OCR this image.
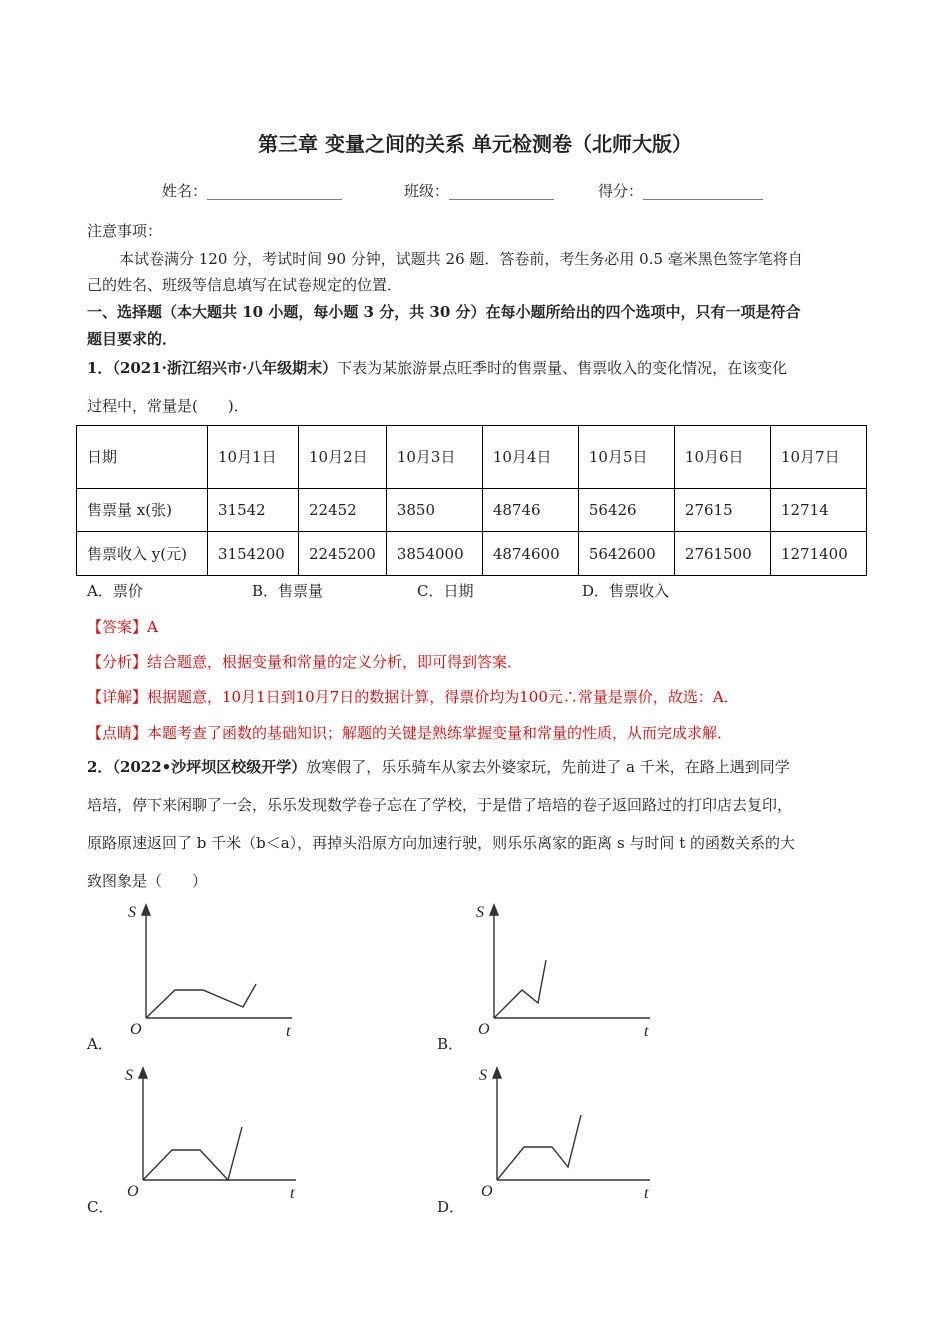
第三章 变量之间的关系 单元检测卷（北师大版）
姓名：__________________	班级：______________	得分：________________
注意事项：
本试卷满分 120 分，考试时间 90 分钟，试题共 26 题．答卷前，考生务必用 0.5 毫米黑色签字笔将自
己的姓名、班级等信息填写在试卷规定的位置．
一、选择题（本大题共 10 小题，每小题 3 分，共 30 分）在每小题所给出的四个选项中，只有一项是符合
题目要求的．
1．（2021·浙江绍兴市·八年级期末）下表为某旅游景点旺季时的售票量、售票收入的变化情况，在该变化
过程中，常量是(　　)．
日期	10月1日	10月2日	10月3日	10月4日	10月5日	10月6日	10月7日
售票量 x(张)	31542	22452	3850	48746	56426	27615	12714
售票收入 y(元)	3154200	2245200	3854000	4874600	5642600	2761500	1271400
A．票价	B．售票量	C．日期	D．售票收入
【答案】A
【分析】结合题意，根据变量和常量的定义分析，即可得到答案．
【详解】根据题意，10月1日到10月7日的数据计算，得票价均为100元∴常量是票价，故选：A．
【点睛】本题考查了函数的基础知识；解题的关键是熟练掌握变量和常量的性质，从而完成求解．
2．（2022•沙坪坝区校级开学）放寒假了，乐乐骑车从家去外婆家玩，先前进了 a 千米，在路上遇到同学
培培，停下来闲聊了一会，乐乐发现数学卷子忘在了学校，于是借了培培的卷子返回路过的打印店去复印，
原路原速返回了 b 千米（b＜a），再掉头沿原方向加速行驶，则乐乐离家的距离 s 与时间 t 的函数关系的大
致图象是（　　）
A．	B．
C．	D．
S
O	t
S
O	t
S
O	t
S
O	t
